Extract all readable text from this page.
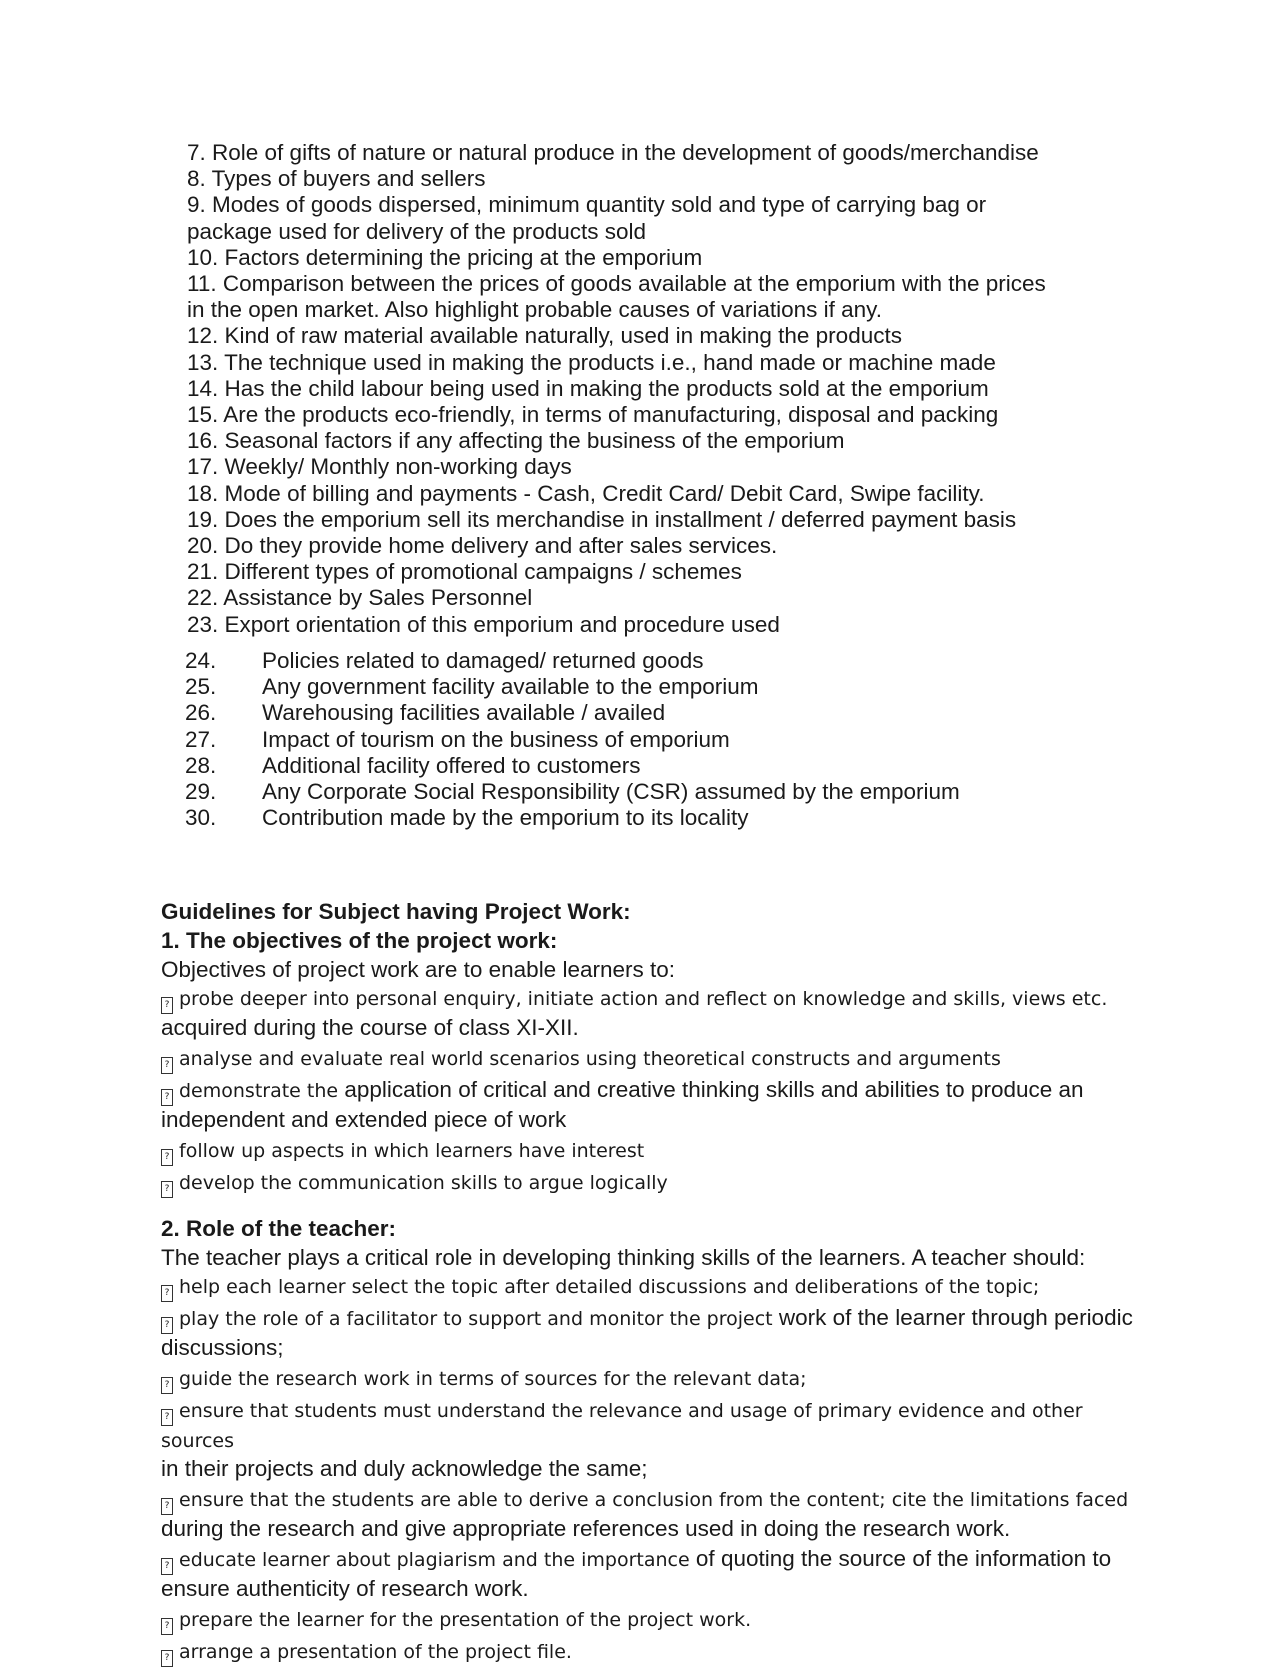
7. Role of gifts of nature or natural produce in the development of goods/merchandise
8. Types of buyers and sellers
9. Modes of goods dispersed, minimum quantity sold and type of carrying bag or
package used for delivery of the products sold
10. Factors determining the pricing at the emporium
11. Comparison between the prices of goods available at the emporium with the prices
in the open market. Also highlight probable causes of variations if any.
12. Kind of raw material available naturally, used in making the products
13. The technique used in making the products i.e., hand made or machine made
14. Has the child labour being used in making the products sold at the emporium
15. Are the products eco-friendly, in terms of manufacturing, disposal and packing
16. Seasonal factors if any affecting the business of the emporium
17. Weekly/ Monthly non-working days
18. Mode of billing and payments - Cash, Credit Card/ Debit Card, Swipe facility.
19. Does the emporium sell its merchandise in installment / deferred payment basis
20. Do they provide home delivery and after sales services.
21. Different types of promotional campaigns / schemes
22. Assistance by Sales Personnel
23. Export orientation of this emporium and procedure used
24.	Policies related to damaged/ returned goods
25.	Any government facility available to the emporium
26.	Warehousing facilities available / availed
27.	Impact of tourism on the business of emporium
28.	Additional facility offered to customers
29.	Any Corporate Social Responsibility (CSR) assumed by the emporium
30.	Contribution made by the emporium to its locality

Guidelines for Subject having Project Work:

1. The objectives of the project work:

Objectives of project work are to enable learners to:

? probe deeper into personal enquiry, initiate action and reflect on knowledge and skills, views etc.
acquired during the course of class XI-XII.

? analyse and evaluate real world scenarios using theoretical constructs and arguments

? demonstrate the application of critical and creative thinking skills and abilities to produce an independent and extended piece of work

? follow up aspects in which learners have interest

? develop the communication skills to argue logically

2. Role of the teacher:

The teacher plays a critical role in developing thinking skills of the learners. A teacher should:

? help each learner select the topic after detailed discussions and deliberations of the topic;

? play the role of a facilitator to support and monitor the project work of the learner through periodic discussions;

? guide the research work in terms of sources for the relevant data;

? ensure that students must understand the relevance and usage of primary evidence and other sources
in their projects and duly acknowledge the same;

? ensure that the students are able to derive a conclusion from the content; cite the limitations faced
during the research and give appropriate references used in doing the research work.

? educate learner about plagiarism and the importance of quoting the source of the information to ensure authenticity of research work.

? prepare the learner for the presentation of the project work.

? arrange a presentation of the project file.
